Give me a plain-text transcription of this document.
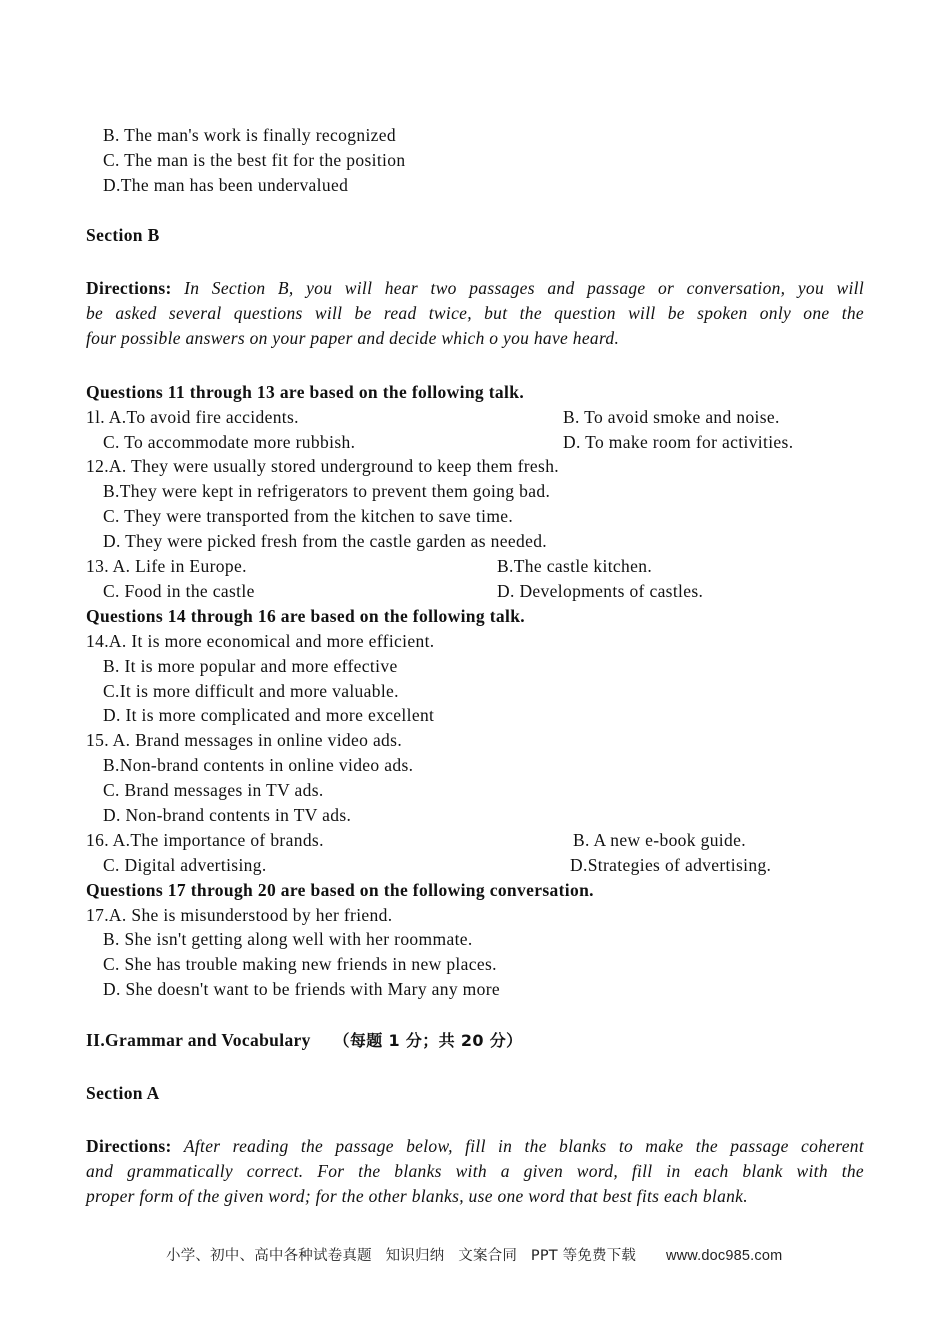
B. The man's work is finally recognized
C. The man is the best fit for the position
D.The man has been undervalued
Section B
Directions: In Section B, you will hear two passages and passage or conversation, you will
be asked several questions will be read twice, but the question will be spoken only one the
four possible answers on your paper and decide which o you have heard.
Questions 11 through 13 are based on the following talk.
1l. A.To avoid fire accidents.	B. To avoid smoke and noise.
C. To accommodate more rubbish.	D. To make room for activities.
12.A. They were usually stored underground to keep them fresh.
B.They were kept in refrigerators to prevent them going bad.
C. They were transported from the kitchen to save time.
D. They were picked fresh from the castle garden as needed.
13. A. Life in Europe.	B.The castle kitchen.
C. Food in the castle	D. Developments of castles.
Questions 14 through 16 are based on the following talk.
14.A. It is more economical and more efficient.
B. It is more popular and more effective
C.It is more difficult and more valuable.
D. It is more complicated and more excellent
15. A. Brand messages in online video ads.
B.Non-brand contents in online video ads.
C. Brand messages in TV ads.
D. Non-brand contents in TV ads.
16. A.The importance of brands.	B. A new e-book guide.
C. Digital advertising.	D.Strategies of advertising.
Questions 17 through 20 are based on the following conversation.
17.A. She is misunderstood by her friend.
B. She isn't getting along well with her roommate.
C. She has trouble making new friends in new places.
D. She doesn't want to be friends with Mary any more
II.Grammar and Vocabulary （每题 1 分；共 20 分）
Section A
Directions: After reading the passage below, fill in the blanks to make the passage coherent
and grammatically correct. For the blanks with a given word, fill in each blank with the
proper form of the given word; for the other blanks, use one word that best fits each blank.
小学、初中、高中各种试卷真题 知识归纳 文案合同 PPT 等免费下载 www.doc985.com
